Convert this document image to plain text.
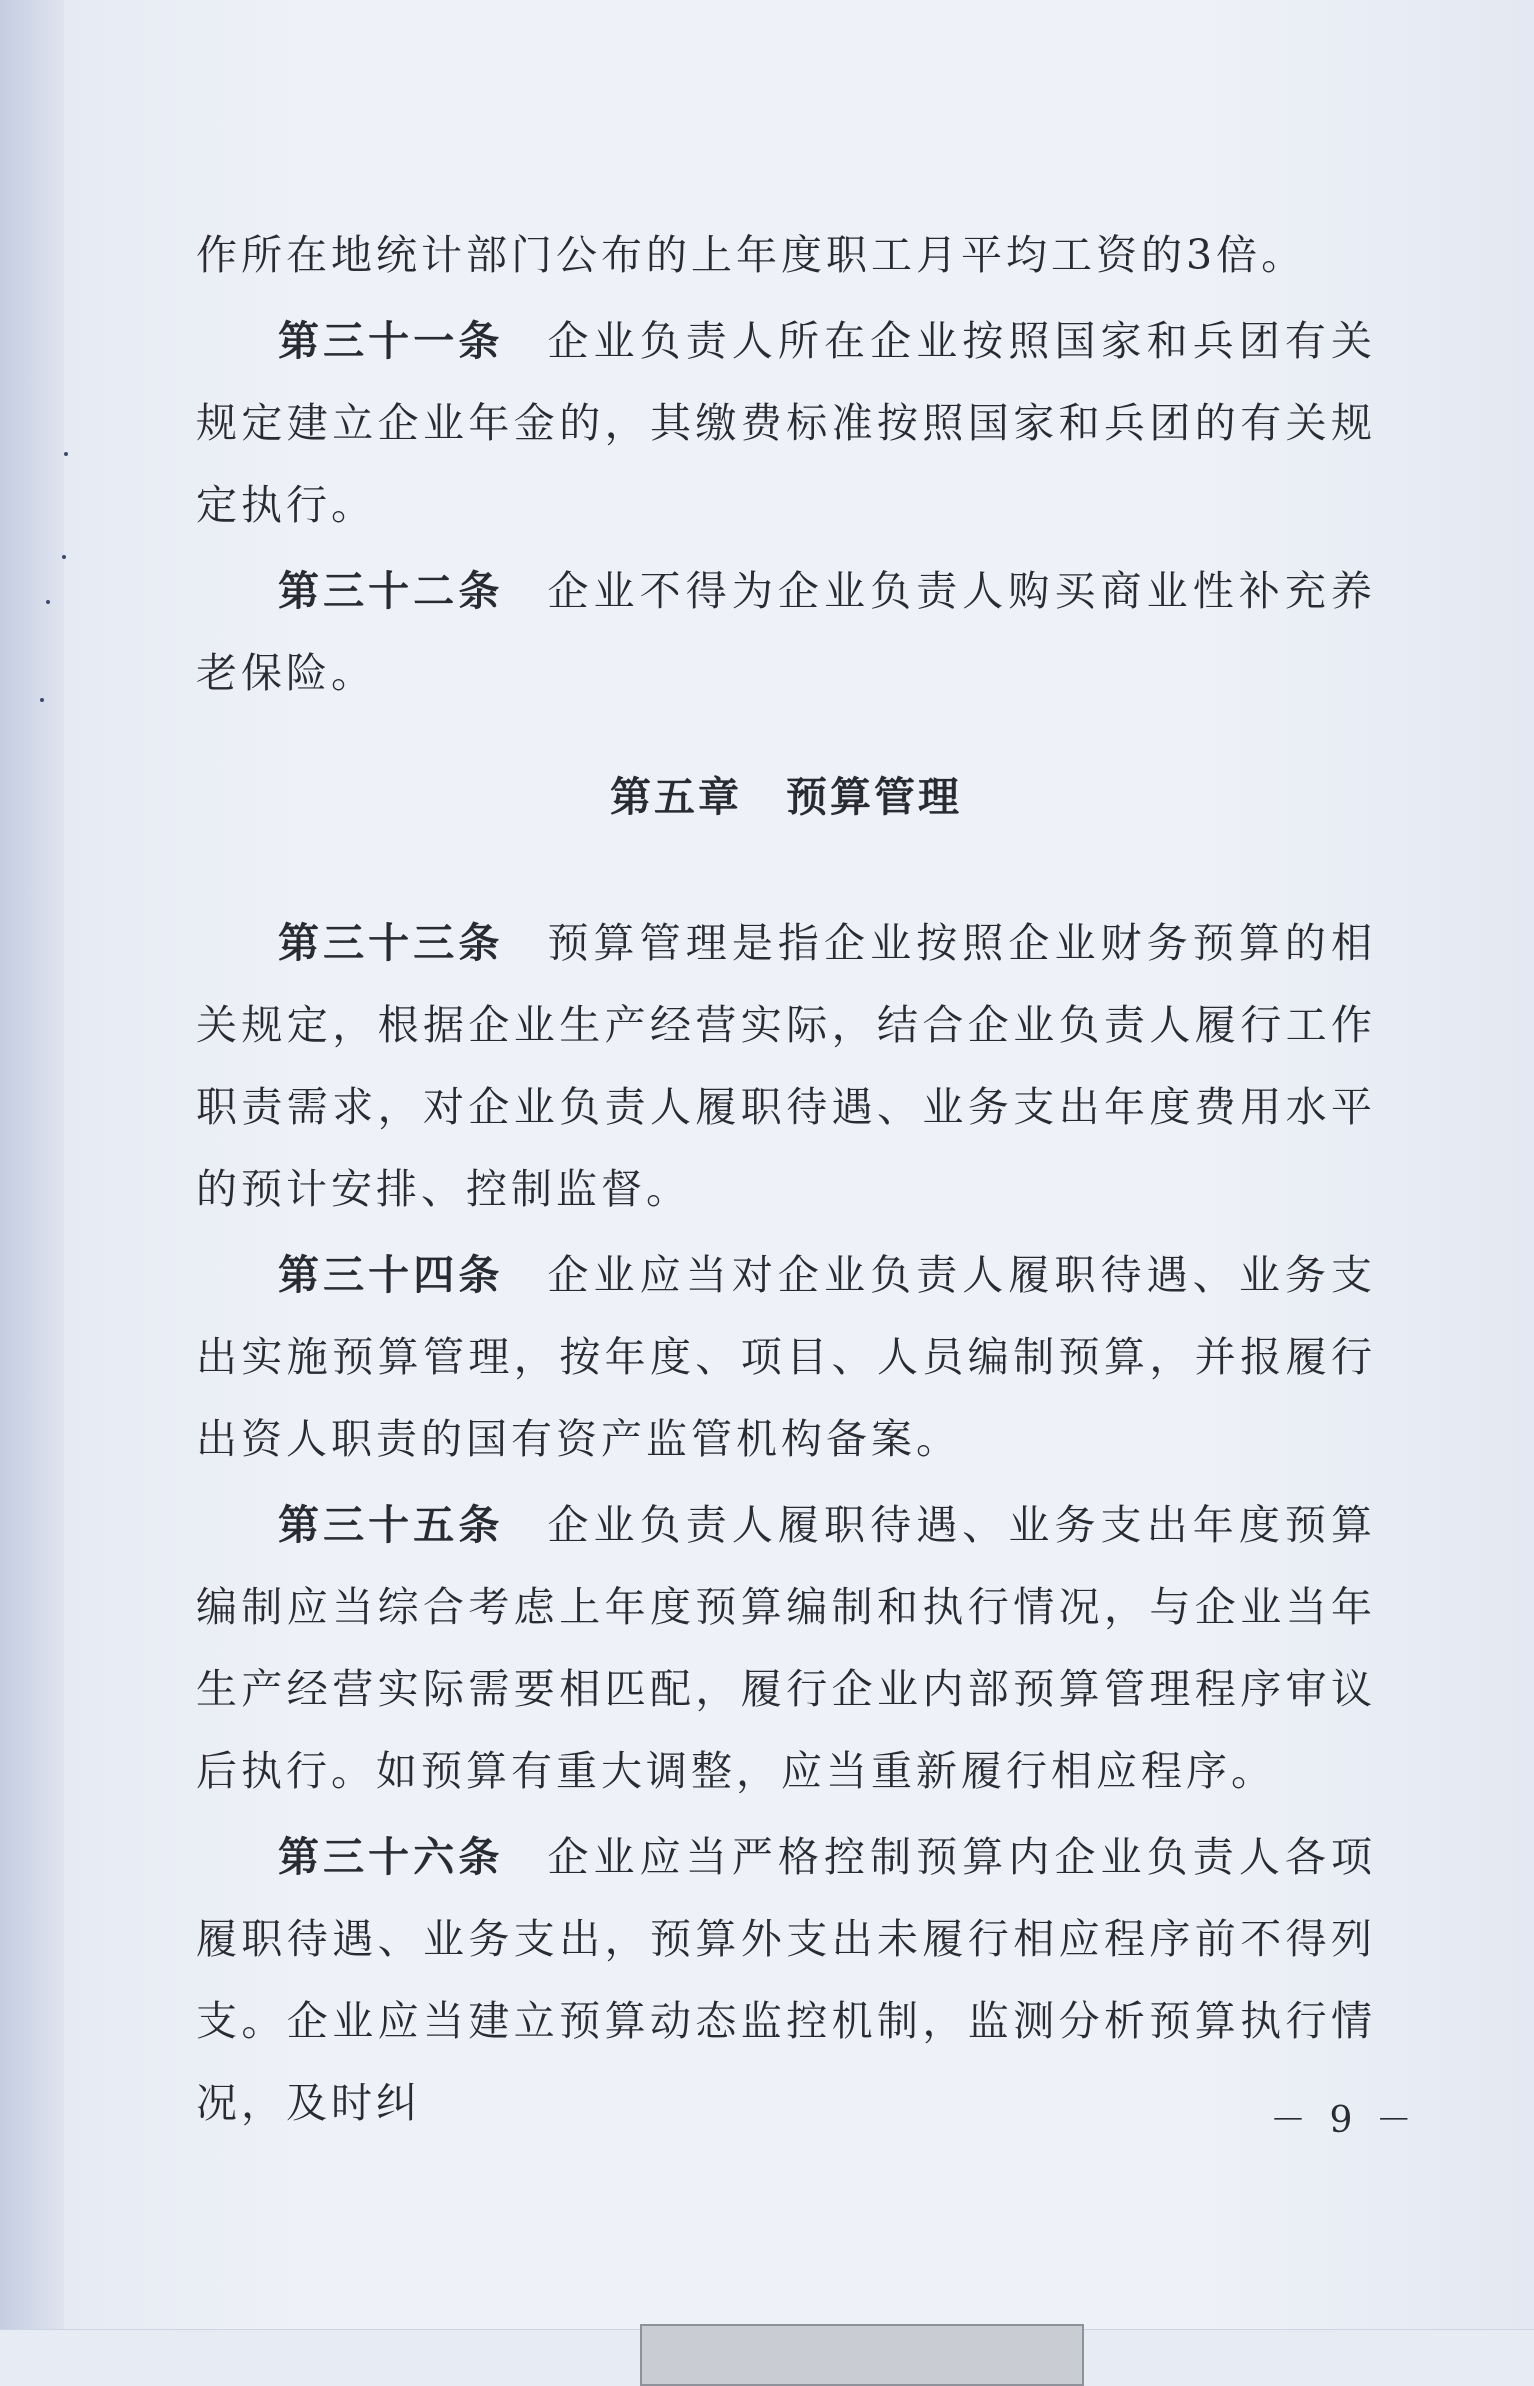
作所在地统计部门公布的上年度职工月平均工资的3倍。

第三十一条 企业负责人所在企业按照国家和兵团有关规定建立企业年金的，其缴费标准按照国家和兵团的有关规定执行。

第三十二条 企业不得为企业负责人购买商业性补充养老保险。

第五章 预算管理

第三十三条 预算管理是指企业按照企业财务预算的相关规定，根据企业生产经营实际，结合企业负责人履行工作职责需求，对企业负责人履职待遇、业务支出年度费用水平的预计安排、控制监督。

第三十四条 企业应当对企业负责人履职待遇、业务支出实施预算管理，按年度、项目、人员编制预算，并报履行出资人职责的国有资产监管机构备案。

第三十五条 企业负责人履职待遇、业务支出年度预算编制应当综合考虑上年度预算编制和执行情况，与企业当年生产经营实际需要相匹配，履行企业内部预算管理程序审议后执行。如预算有重大调整，应当重新履行相应程序。

第三十六条 企业应当严格控制预算内企业负责人各项履职待遇、业务支出，预算外支出未履行相应程序前不得列支。企业应当建立预算动态监控机制，监测分析预算执行情况，及时纠	－ 9 －
